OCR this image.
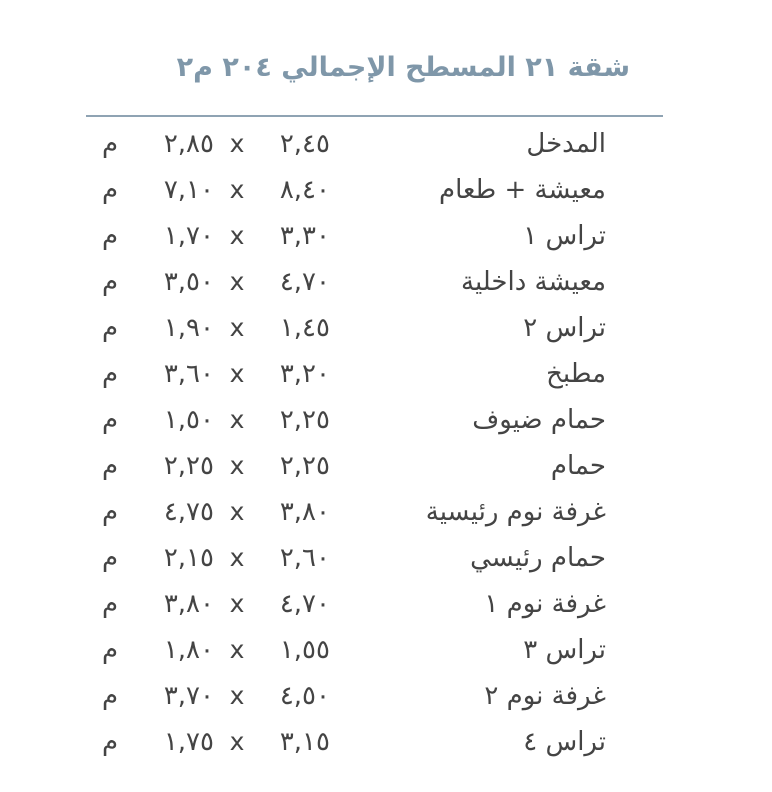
شقة ٢١ المسطح الإجمالي ٢٠٤ م٢
المدخل
٢,٤٥
x
٢,٨٥
م
معيشة + طعام
٨,٤٠
x
٧,١٠
م
تراس ١
٣,٣٠
x
١,٧٠
م
معيشة داخلية
٤,٧٠
x
٣,٥٠
م
تراس ٢
١,٤٥
x
١,٩٠
م
مطبخ
٣,٢٠
x
٣,٦٠
م
حمام ضيوف
٢,٢٥
x
١,٥٠
م
حمام
٢,٢٥
x
٢,٢٥
م
غرفة نوم رئيسية
٣,٨٠
x
٤,٧٥
م
حمام رئيسي
٢,٦٠
x
٢,١٥
م
غرفة نوم ١
٤,٧٠
x
٣,٨٠
م
تراس ٣
١,٥٥
x
١,٨٠
م
غرفة نوم ٢
٤,٥٠
x
٣,٧٠
م
تراس ٤
٣,١٥
x
١,٧٥
م
